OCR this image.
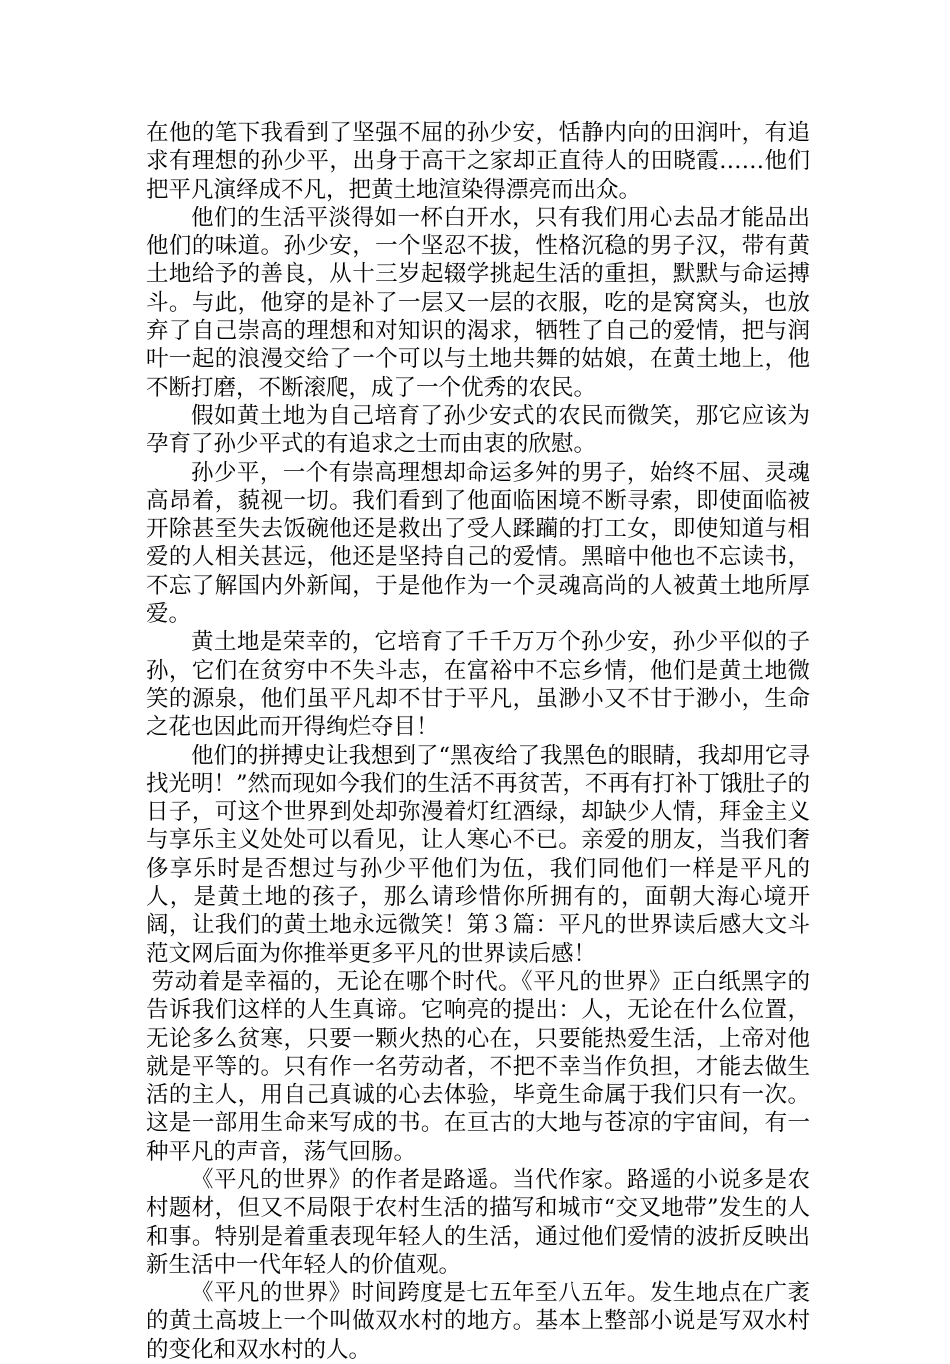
在他的笔下我看到了坚强不屈的孙少安，恬静内向的田润叶，有追求有理想的孙少平，出身于高干之家却正直待人的田晓霞……他们把平凡演绎成不凡，把黄土地渲染得漂亮而出众。

他们的生活平淡得如一杯白开水，只有我们用心去品才能品出他们的味道。孙少安，一个坚忍不拔，性格沉稳的男子汉，带有黄土地给予的善良，从十三岁起辍学挑起生活的重担，默默与命运搏斗。与此，他穿的是补了一层又一层的衣服，吃的是窝窝头，也放弃了自己崇高的理想和对知识的渴求，牺牲了自己的爱情，把与润叶一起的浪漫交给了一个可以与土地共舞的姑娘，在黄土地上，他不断打磨，不断滚爬，成了一个优秀的农民。

假如黄土地为自己培育了孙少安式的农民而微笑，那它应该为孕育了孙少平式的有追求之士而由衷的欣慰。

孙少平，一个有崇高理想却命运多舛的男子，始终不屈、灵魂高昂着，藐视一切。我们看到了他面临困境不断寻索，即使面临被开除甚至失去饭碗他还是救出了受人蹂躏的打工女，即使知道与相爱的人相关甚远，他还是坚持自己的爱情。黑暗中他也不忘读书，不忘了解国内外新闻，于是他作为一个灵魂高尚的人被黄土地所厚爱。

黄土地是荣幸的，它培育了千千万万个孙少安，孙少平似的子孙，它们在贫穷中不失斗志，在富裕中不忘乡情，他们是黄土地微笑的源泉，他们虽平凡却不甘于平凡，虽渺小又不甘于渺小，生命之花也因此而开得绚烂夺目！

他们的拼搏史让我想到了“黑夜给了我黑色的眼睛，我却用它寻找光明！”然而现如今我们的生活不再贫苦，不再有打补丁饿肚子的日子，可这个世界到处却弥漫着灯红酒绿，却缺少人情，拜金主义与享乐主义处处可以看见，让人寒心不已。亲爱的朋友，当我们奢侈享乐时是否想过与孙少平他们为伍，我们同他们一样是平凡的人，是黄土地的孩子，那么请珍惜你所拥有的，面朝大海心境开阔，让我们的黄土地永远微笑！第３篇：平凡的世界读后感大文斗范文网后面为你推举更多平凡的世界读后感！

劳动着是幸福的，无论在哪个时代。《平凡的世界》正白纸黑字的告诉我们这样的人生真谛。它响亮的提出：人，无论在什么位置，无论多么贫寒，只要一颗火热的心在，只要能热爱生活，上帝对他就是平等的。只有作一名劳动者，不把不幸当作负担，才能去做生活的主人，用自己真诚的心去体验，毕竟生命属于我们只有一次。这是一部用生命来写成的书。在亘古的大地与苍凉的宇宙间，有一种平凡的声音，荡气回肠。

《平凡的世界》的作者是路遥。当代作家。路遥的小说多是农村题材，但又不局限于农村生活的描写和城市“交叉地带”发生的人和事。特别是着重表现年轻人的生活，通过他们爱情的波折反映出新生活中一代年轻人的价值观。

《平凡的世界》时间跨度是七五年至八五年。发生地点在广袤的黄土高坡上一个叫做双水村的地方。基本上整部小说是写双水村的变化和双水村的人。
